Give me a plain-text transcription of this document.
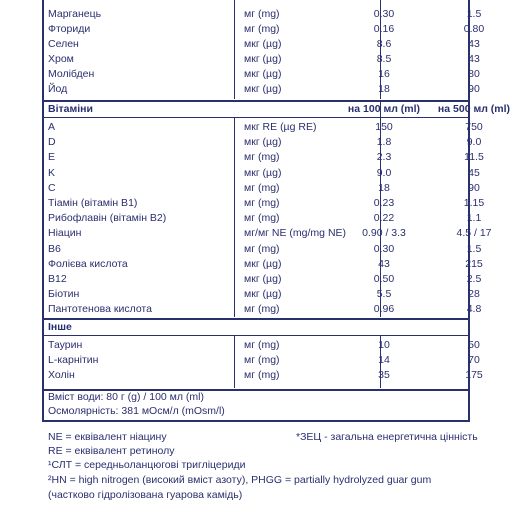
Марганець	мг (mg)	0.30	1.5
Фториди	мг (mg)	0.16	0.80
Селен	мкг (µg)	8.6	43
Хром	мкг (µg)	8.5	43
Молібден	мкг (µg)	16	80
Йод	мкг (µg)	18	90
Вітаміни	на 100 мл (ml)	на 500 мл (ml)
A	мкг RE (µg RE)	150	750
D	мкг (µg)	1.8	9.0
E	мг (mg)	2.3	11.5
K	мкг (µg)	9.0	45
C	мг (mg)	18	90
Тіамін (вітамін B1)	мг (mg)	0.23	1.15
Рибофлавін (вітамін B2)	мг (mg)	0.22	1.1
Ніацин	мг/мг NE (mg/mg NE)	0.90 / 3.3	4.5 / 17
B6	мг (mg)	0.30	1.5
Фолієва кислота	мкг (µg)	43	215
B12	мкг (µg)	0.50	2.5
Біотин	мкг (µg)	5.5	28
Пантотенова кислота	мг (mg)	0.96	4.8
Інше
Таурин	мг (mg)	10	50
L-карнітин	мг (mg)	14	70
Холін	мг (mg)	35	175
Вміст води: 80 г (g) / 100 мл (ml)
Осмолярність: 381 мОсм/л (mOsm/l)
NE = еквівалент ніацину	*ЗЕЦ - загальна енергетична цінність
RE = еквівалент ретинолу
¹СЛТ = середньоланцюгові тригліцериди
²HN = high nitrogen (високий вміст азоту), PHGG = partially hydrolyzed guar gum
(частково гідролізована гуарова камідь)
